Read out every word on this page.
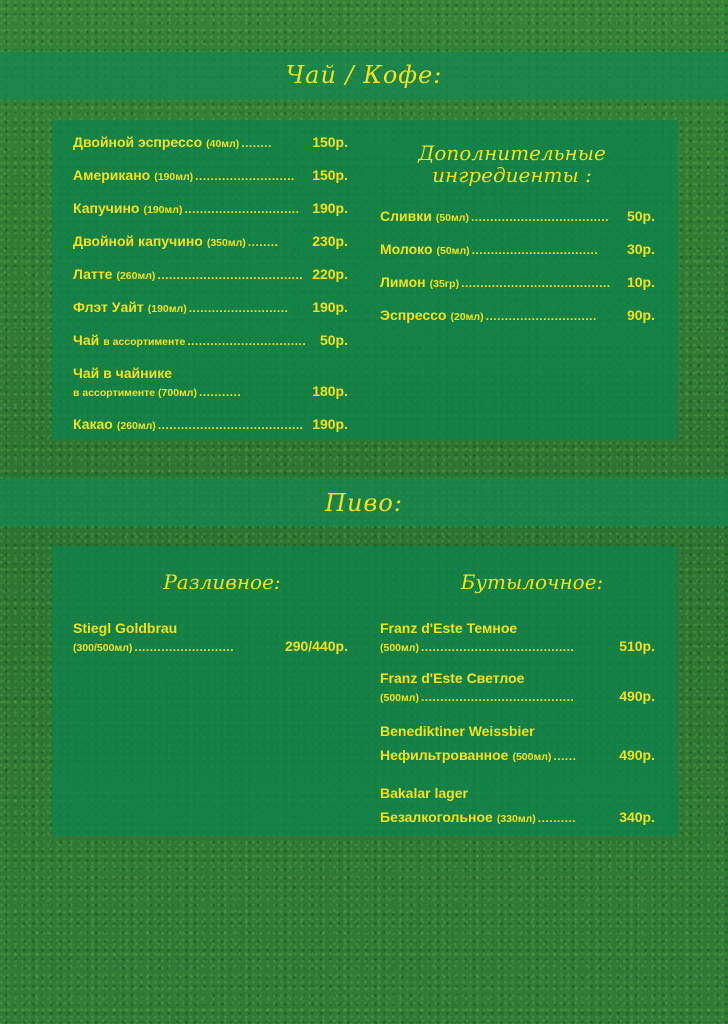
Чай / Кофе:
Двойной эспрессо (40мл) ........	150р.
Американо (190мл) ..........................	150р.
Капучино (190мл) .............................. 190р.
Двойной капучино (350мл) ........	230р.
Латте (260мл) ...................................... 220р.
Флэт Уайт (190мл) ..........................	190р.
Чай в ассортименте ............................... 50р.
Чай в чайнике
в ассортименте (700мл) ...........	180р.
Какао (260мл) ...................................... 190р.
Дополнительные
ингредиенты :
Сливки (50мл) ....................................	50р.
Молоко (50мл) .................................	30р.
Лимон (35гр) .......................................	10р.
Эспрессо (20мл) .............................	90р.
Пиво:
Разливное:	Бутылочное:
Stiegl Goldbrau
(300/500мл) ..........................	290/440р.
Franz d'Este Темное
(500мл) ........................................	510р.
Franz d'Este Светлое
(500мл) ........................................	490р.
Benediktiner Weissbier
Нефильтрованное (500мл) ......	490р.
Bakalar lager
Безалкогольное (330мл) ..........	340р.
